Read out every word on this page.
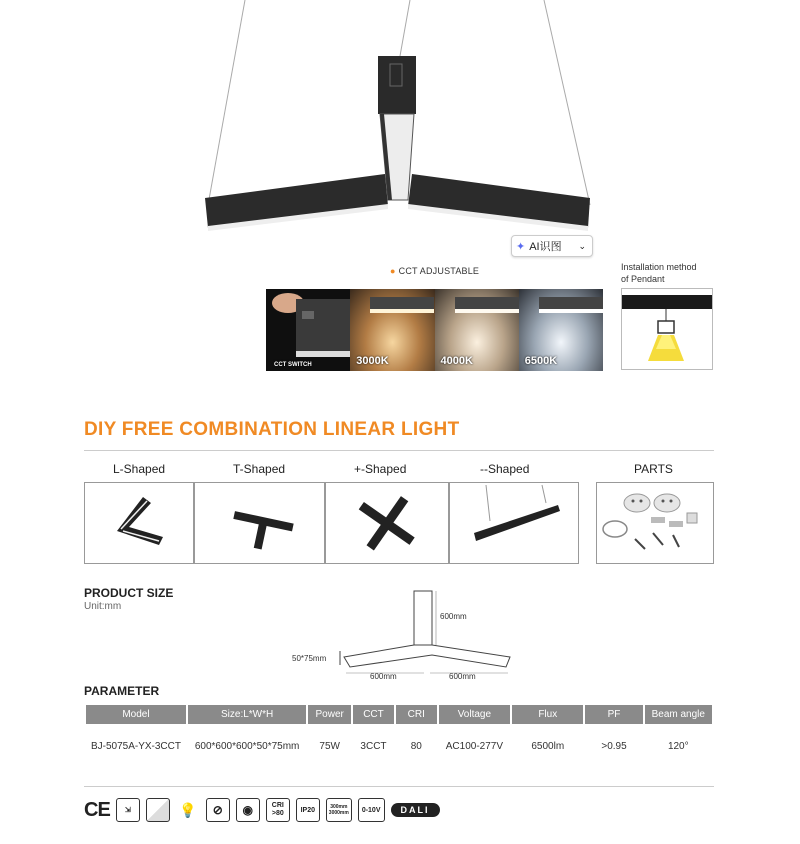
✦ AI识图 ⌄
● CCT ADJUSTABLE
CCT SWITCH	3000K	4000K	6500K
Installation method
of Pendant
DIY FREE COMBINATION LINEAR LIGHT
L-Shaped	T-Shaped	+-Shaped	--Shaped	PARTS
PRODUCT SIZE
Unit:mm
600mm
50*75mm
600mm	600mm
PARAMETER
Model	Size:L*W*H	Power	CCT	CRI	Voltage	Flux	PF	Beam angle
BJ-5075A-YX-3CCT	600*600*600*50*75mm	75W	3CCT	80	AC100-277V	6500lm	>0.95	120°
CE	⇲	💡	⊘	◉	CRI
>80	IP20	300mm
3000mm	0-10V	DALI
